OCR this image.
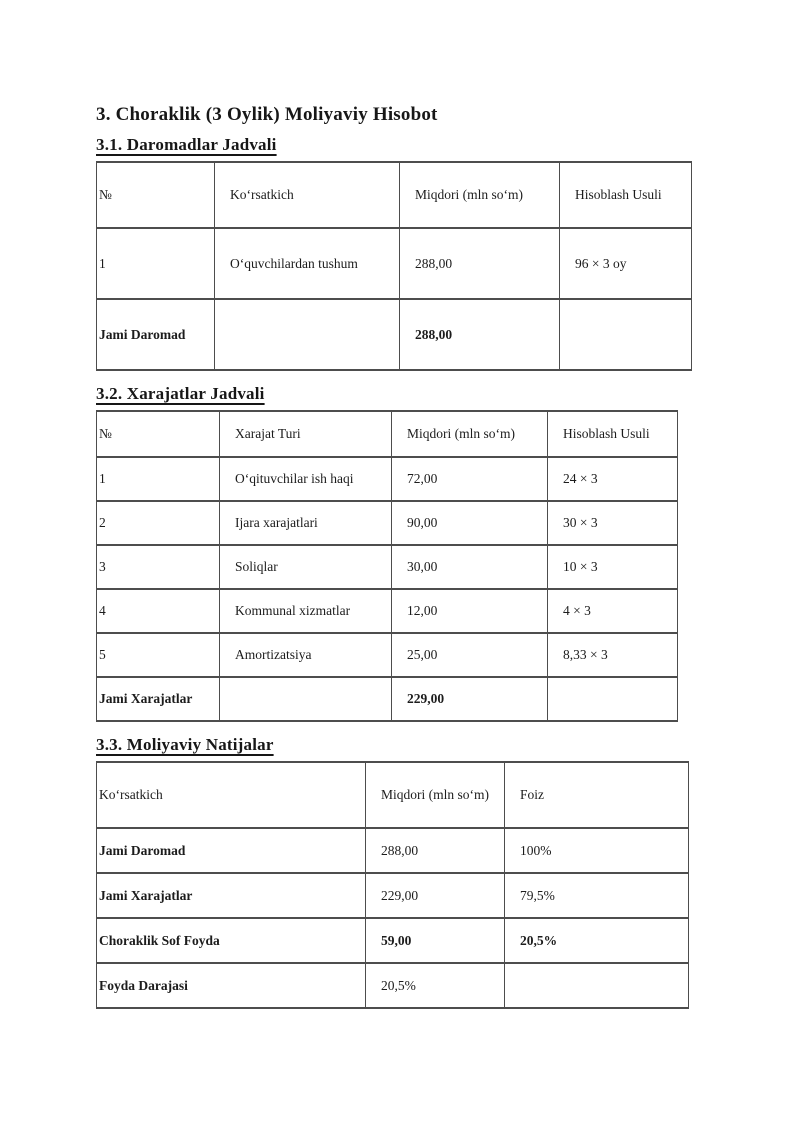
3. Choraklik (3 Oylik) Moliyaviy Hisobot
3.1. Daromadlar Jadvali
№	Ko‘rsatkich	Miqdori (mln so‘m)	Hisoblash Usuli
1	O‘quvchilardan tushum	288,00	96 × 3 oy
Jami Daromad		288,00	
3.2. Xarajatlar Jadvali
№	Xarajat Turi	Miqdori (mln so‘m)	Hisoblash Usuli
1	O‘qituvchilar ish haqi	72,00	24 × 3
2	Ijara xarajatlari	90,00	30 × 3
3	Soliqlar	30,00	10 × 3
4	Kommunal xizmatlar	12,00	4 × 3
5	Amortizatsiya	25,00	8,33 × 3
Jami Xarajatlar		229,00	
3.3. Moliyaviy Natijalar
Ko‘rsatkich	Miqdori (mln so‘m)	Foiz
Jami Daromad	288,00	100%
Jami Xarajatlar	229,00	79,5%
Choraklik Sof Foyda	59,00	20,5%
Foyda Darajasi	20,5%	
